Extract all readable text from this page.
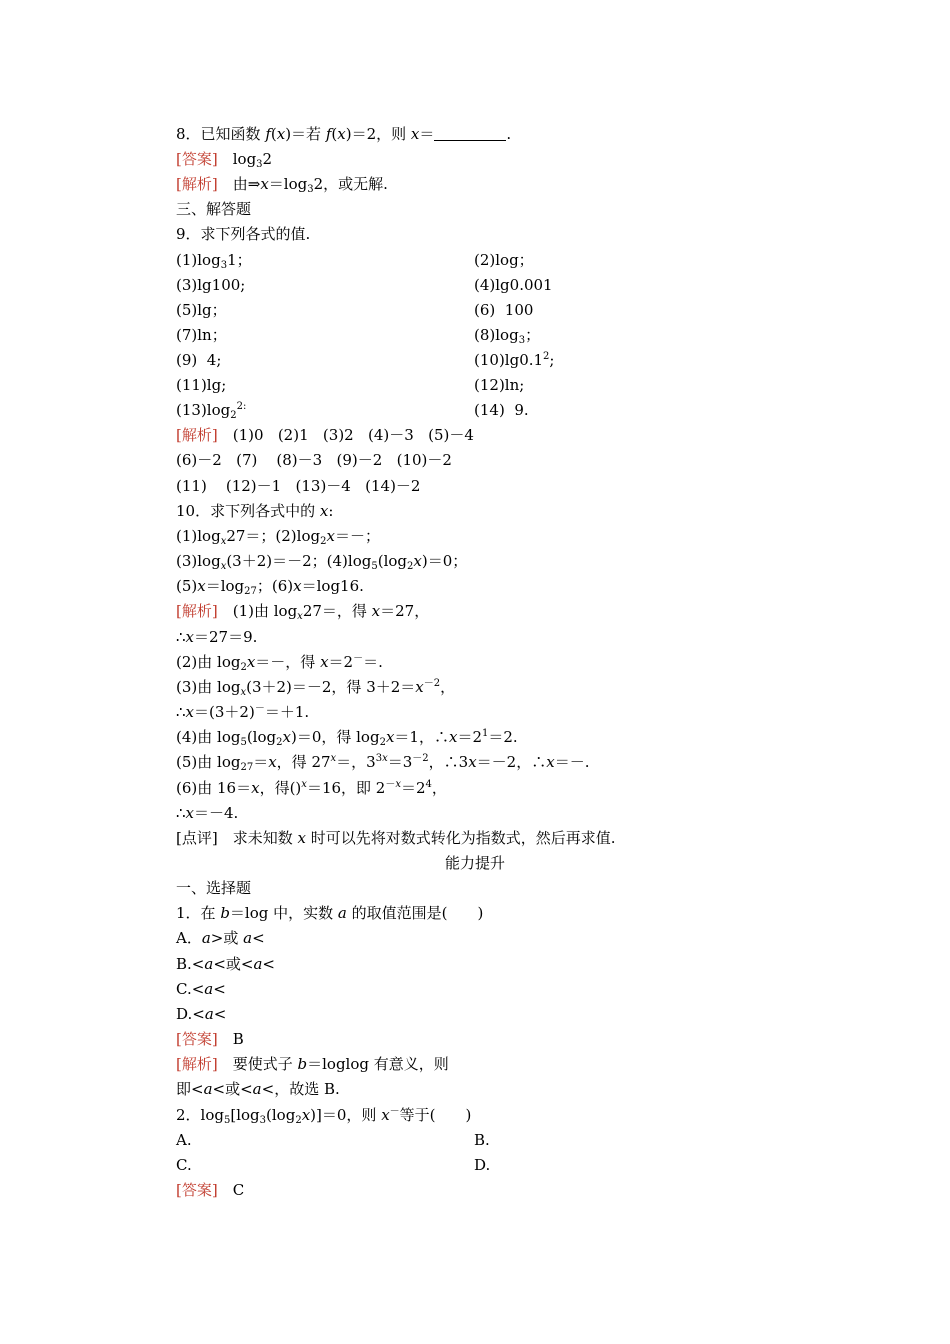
8．已知函数 f(x)＝若 f(x)＝2，则 x＝	.
[答案]　 $\log_32$
[解析]　 由$\Rightarrow x=\log_32$，或无解.
三、解答题
9．求下列各式的值.
$(1)\log_31$；	(2)log；
(3)lg100;	(4)lg0.001
(5)lg；	(6)  100
(7)ln；	$(8)\log_3$；
(9)  4;	$(10)\lg 0.1^2$;
(11)lg;	(12)ln;
$(13)\log_2^{2:}$	(14)  9.
[解析]　 (1)0   (2)1   (3)2   (4)－3   (5)－4
(6)－2   (7)    (8)－3   (9)－2   (10)－2
(11)    (12)－1   (13)－4   (14)－2
10．求下列各式中的 x:
$(1)\log_x27=$；$(2)\log_2x=-$；
$(3)\log_x(3+2)=-2$；$(4)\log_5(\log_2x)=0$；
$(5)x=\log_{27}$；(6)x＝log16.
[解析]　(1)由 $\log_x27=$，得 x＝27，
∴x＝27＝9.
(2)由 $\log_2x=-$，得 x＝2－＝.
(3)由 $\log_x(3+2)=-2$，得 $3+2=x^{-2}$，
∴x＝(3＋2)－＝＋1.
(4)由 $\log_5(\log_2x)=0$，得 $\log_2x=1$，$\therefore x=2^1=2$.
(5)由 $\log_{27}=x$，得 $27^x=$，$3^{3x}=3^{-2}$，∴3x＝－2，∴x＝－.
(6)由 16＝x，得()$^x$＝16，即 $2^{-x}=2^4$，
∴x＝－4.
[点评]　求未知数 x 时可以先将对数式转化为指数式，然后再求值.
能力提升
一、选择题
1．在 b＝log 中，实数 a 的取值范围是(　　)
A．a>或 a<
B.<a<或<a<
C.<a<
D.<a<
[答案]　 B
[解析]　要使式子 b＝loglog 有意义，则
即<a<或<a<，故选 B.
2．$\log_5[\log_3(\log_2x)]=0$，则 x－等于(　　)
A.	B.
C.	D.
[答案]　 C
